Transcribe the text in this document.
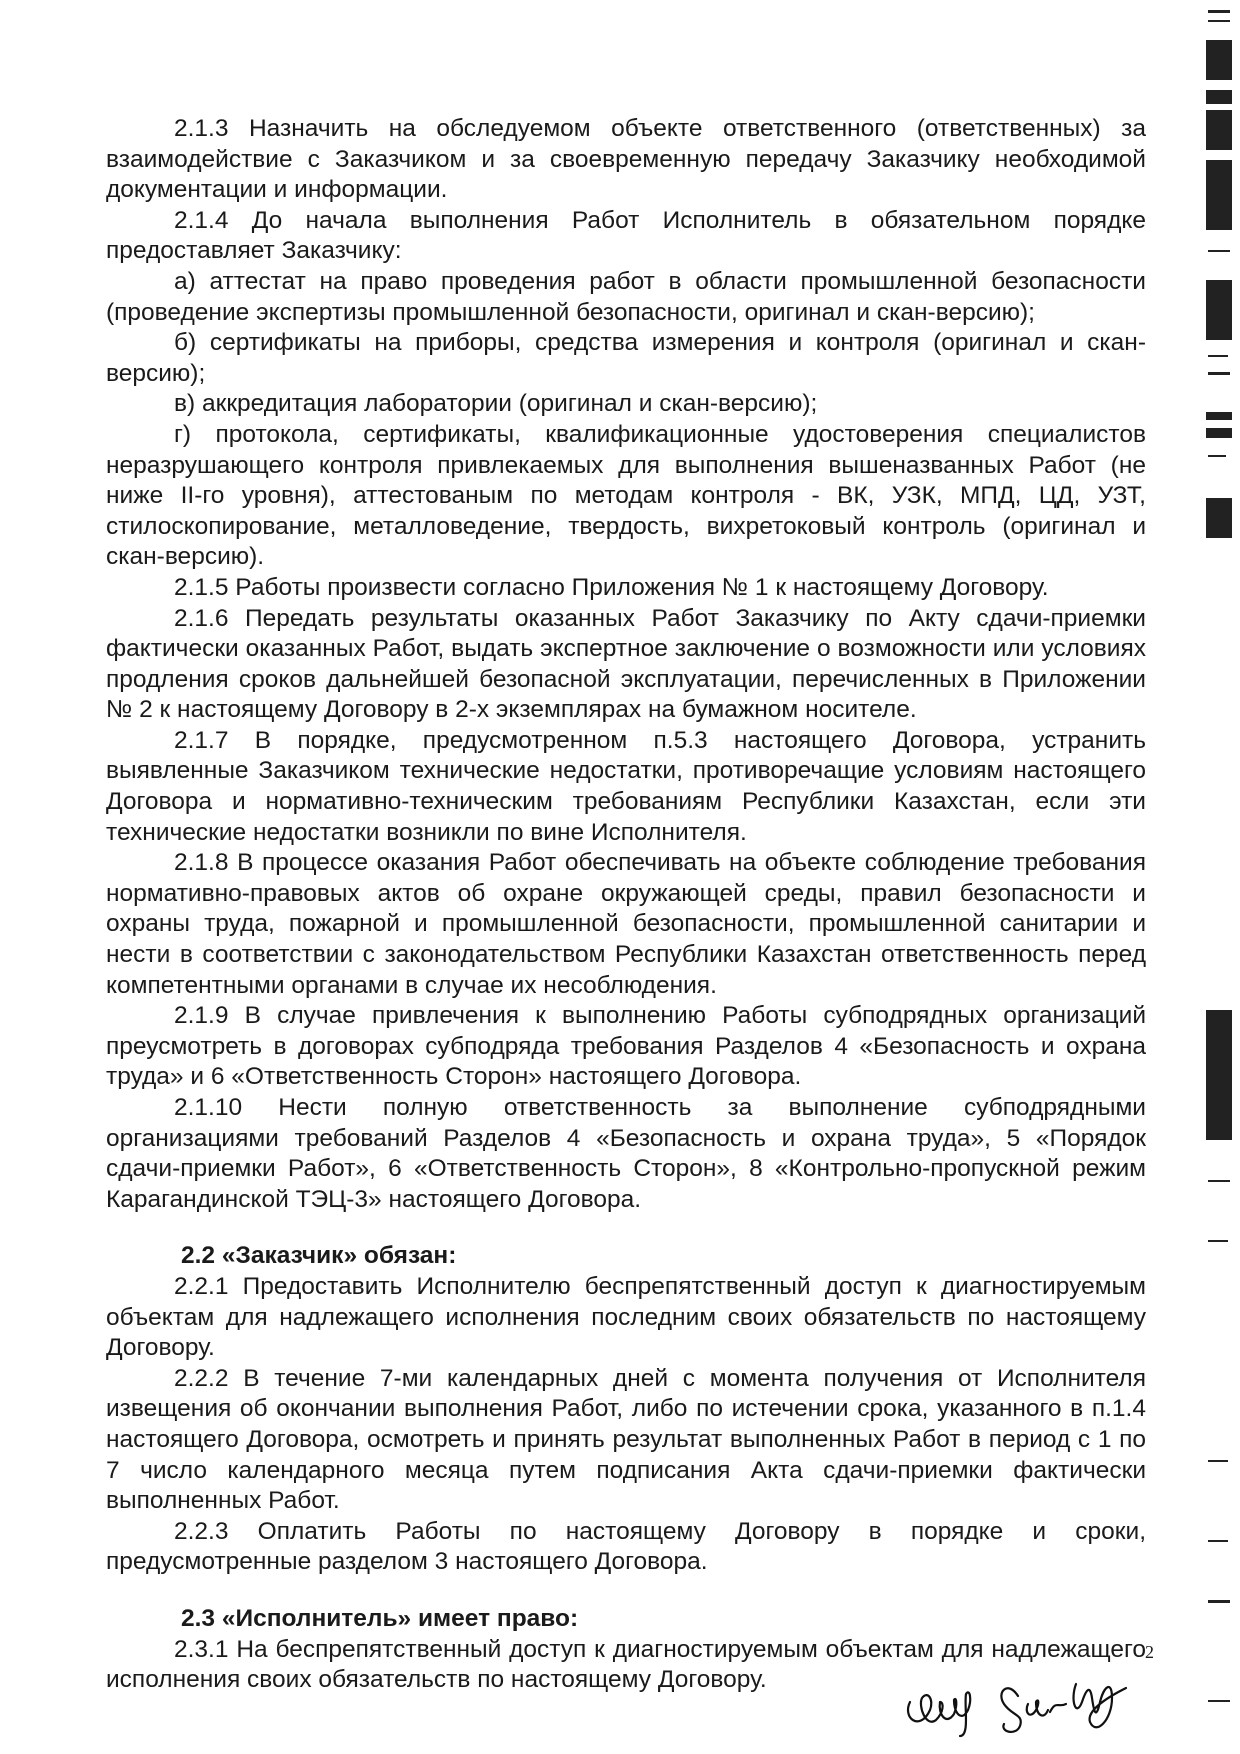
2.1.3 Назначить на обследуемом объекте ответственного (ответственных) за взаимодействие с Заказчиком и за своевременную передачу Заказчику необходимой документации и информации.

2.1.4 До начала выполнения Работ Исполнитель в обязательном порядке предоставляет Заказчику:

а) аттестат на право проведения работ в области промышленной безопасности (проведение экспертизы промышленной безопасности, оригинал и скан-версию);

б) сертификаты на приборы, средства измерения и контроля (оригинал и скан-версию);

в) аккредитация лаборатории (оригинал и скан-версию);

г) протокола, сертификаты, квалификационные удостоверения специалистов неразрушающего контроля привлекаемых для выполнения вышеназванных Работ (не ниже II-го уровня), аттестованым по методам контроля - ВК, УЗК, МПД, ЦД, УЗТ, стилоскопирование, металловедение, твердость, вихретоковый контроль (оригинал и скан-версию).

2.1.5 Работы произвести согласно Приложения № 1 к настоящему Договору.

2.1.6 Передать результаты оказанных Работ Заказчику по Акту сдачи-приемки фактически оказанных Работ, выдать экспертное заключение о возможности или условиях продления сроков дальнейшей безопасной эксплуатации, перечисленных в Приложении № 2 к настоящему Договору в 2-х экземплярах на бумажном носителе.

2.1.7 В порядке, предусмотренном п.5.3 настоящего Договора, устранить выявленные Заказчиком технические недостатки, противоречащие условиям настоящего Договора и нормативно-техническим требованиям Республики Казахстан, если эти технические недостатки возникли по вине Исполнителя.

2.1.8 В процессе оказания Работ обеспечивать на объекте соблюдение требования нормативно-правовых актов об охране окружающей среды, правил безопасности и охраны труда, пожарной и промышленной безопасности, промышленной санитарии и нести в соответствии с законодательством Республики Казахстан ответственность перед компетентными органами в случае их несоблюдения.

2.1.9 В случае привлечения к выполнению Работы субподрядных организаций преусмотреть в договорах субподряда требования Разделов 4 «Безопасность и охрана труда» и 6 «Ответственность Сторон» настоящего Договора.

2.1.10 Нести полную ответственность за выполнение субподрядными организациями требований Разделов 4 «Безопасность и охрана труда», 5 «Порядок сдачи-приемки Работ», 6 «Ответственность Сторон», 8 «Контрольно-пропускной режим Карагандинской ТЭЦ-3» настоящего Договора.

2.2 «Заказчик» обязан:

2.2.1 Предоставить Исполнителю беспрепятственный доступ к диагностируемым объектам для надлежащего исполнения последним своих обязательств по настоящему Договору.

2.2.2 В течение 7-ми календарных дней с момента получения от Исполнителя извещения об окончании выполнения Работ, либо по истечении срока, указанного в п.1.4 настоящего Договора, осмотреть и принять результат выполненных Работ в период с 1 по 7 число календарного месяца путем подписания Акта сдачи-приемки фактически выполненных Работ.

2.2.3 Оплатить Работы по настоящему Договору в порядке и сроки, предусмотренные разделом 3 настоящего Договора.

2.3 «Исполнитель» имеет право:

2.3.1 На беспрепятственный доступ к диагностируемым объектам для надлежащего исполнения своих обязательств по настоящему Договору.

2
